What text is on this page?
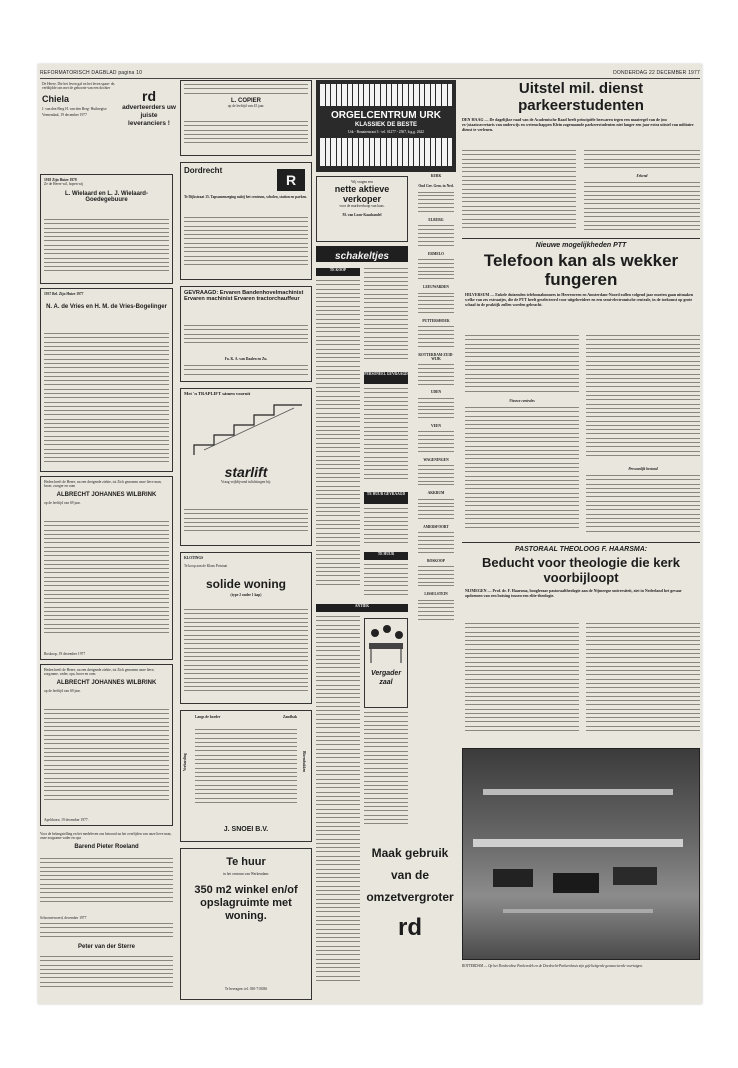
REFORMATORISCH DAGBLAD pagina 10	DONDERDAG 22 DECEMBER 1977
De Heere, Die het leven gaf en het leven spaar- de, verblijdde ons met de geboorte van een dochter
Chiela
J. van den Berg H. van den Berg- Huibregtse
Veenendaal, 19 december 1977
1918 Zijn Huize 1978
Ze de Heere wil, hopen wij
L. Wielaard en L. J. Wielaard-Goedegebuure
1937 Bel. Zijn Huize 1977
N. A. de Vries en H. M. de Vries-Bogelinger
Heden heeft de Heere, na een dreigende ziekte, tot Zich genomen onze lieve man, broer, zwager en oom
ALBRECHT JOHANNES WILBRINK
op de leeftijd van 69 jaar.
Boskoop, 19 december 1977
Heden heeft de Heere, na een dreigende ziekte, tot Zich genomen onze lieve, zorgzame, vader, opa, broer en oom
ALBRECHT JOHANNES WILBRINK
op de leeftijd van 69 jaar.
Apeldoorn, 19 december 1977.
Voor de belangstelling en het medeleven ons betoond na het overlijden van onze lieve man, onze zorgzame vader en opa
Barend Pieter Roeland
Schoonrewoerd, december 1977
Peter van der Sterre
rd
adverteerders uw juiste leveranciers !
L. COPIER
op de leeftijd van 45 jaar.
Dordrecht
R
Te Dijkstraat 15. Tapsamenzeging nabij het centrum, scholen, station en parken.
GEVRAAGD: Ervaren Bandenhovelmachinist Ervaren machinist Ervaren tractorchauffeur
Fa. K. A. van Daalen en Zn.
Met 'n TRAPLIFT sámen vooruit
starlift
Vraag vrijblijvend inlichtingen bij:
KLOTINGS
Te koop aan de Klaas Potstaat
solide woning
(type 2 onder 1 kap)
Langs de border	Zandbak
Verharding	Bloembakken
J. SNOEI B.V.
Te huur
in het centrum van Werkendam:
350 m2 winkel en/of opslagruimte met woning.
Te bevragen: tel. 030-710036
ORGELCENTRUM URK
KLASSIEK DE BESTE
Urk - Bonairestraat 3 - tel. 01277 - 2507, b.g.g. 2622
Wij vragen een
nette aktieve verkoper
voor de markverkoop van kaas.
M. van Loon-Kaashandel
schakeltjes
TE KOOP
PERSONEEL GEVRAAGD
TE HUUR GEVRAAGD
TE HUUR
ANTIEK
Vergader zaal
Maak gebruik van de omzetvergroter
rd
KERK
Oud Ger. Gem. in Ned.
ELBURG
ERMELO
LEEUWARDEN
PUTTERSHOEK
ROTTERDAM-ZUID-WIJK
UDEN
VEEN
WAGENINGEN
AKKRUM
AMERSFOORT
BOSKOOP
LISSELSTEIN
Uitstel mil. dienst parkeerstudenten
DEN HAAG — De dagelijkse raad van de Academische Raad heeft principiële bezwaren tegen een maatregel van de (nu ex-)staatssecretaris van onderwijs en wetenschappen Klein zogenaamde parkeerstudenten niet langer een jaar extra uitstel van militaire dienst te verlenen.
Erkend
Nieuwe mogelijkheden PTT
Telefoon kan als wekker fungeren
HILVERSUM — Enkele duizenden telefoonabonnees in Heerenveen en Amsterdam-Noord zullen volgend jaar moeten gaan uitmaken welke van zes extraatjes, die de PTT heeft geselecteerd voor uitgebreidere en een semi-electromische centrale, in de toekomst op grote schaal in de praktijk zullen worden gebracht.
Nieuwe centrales
Persoonlijk bestand
PASTORAAL THEOLOOG F. HAARSMA:
Beducht voor theologie die kerk voorbijloopt
NIJMEGEN — Prof. dr. F. Haarsma, hoogleraar pastoraaltheologie aan de Nijmeegse universiteit, ziet in Nederland het gevaar opdoemen van een botsing tussen een elite-theologie.
ROTTERDAM — Op het Dordrechtse Parkeerdek en de Dordrecht-Parkeerbasis zijn gefelicitgerde geassocieerde voertuigen.
